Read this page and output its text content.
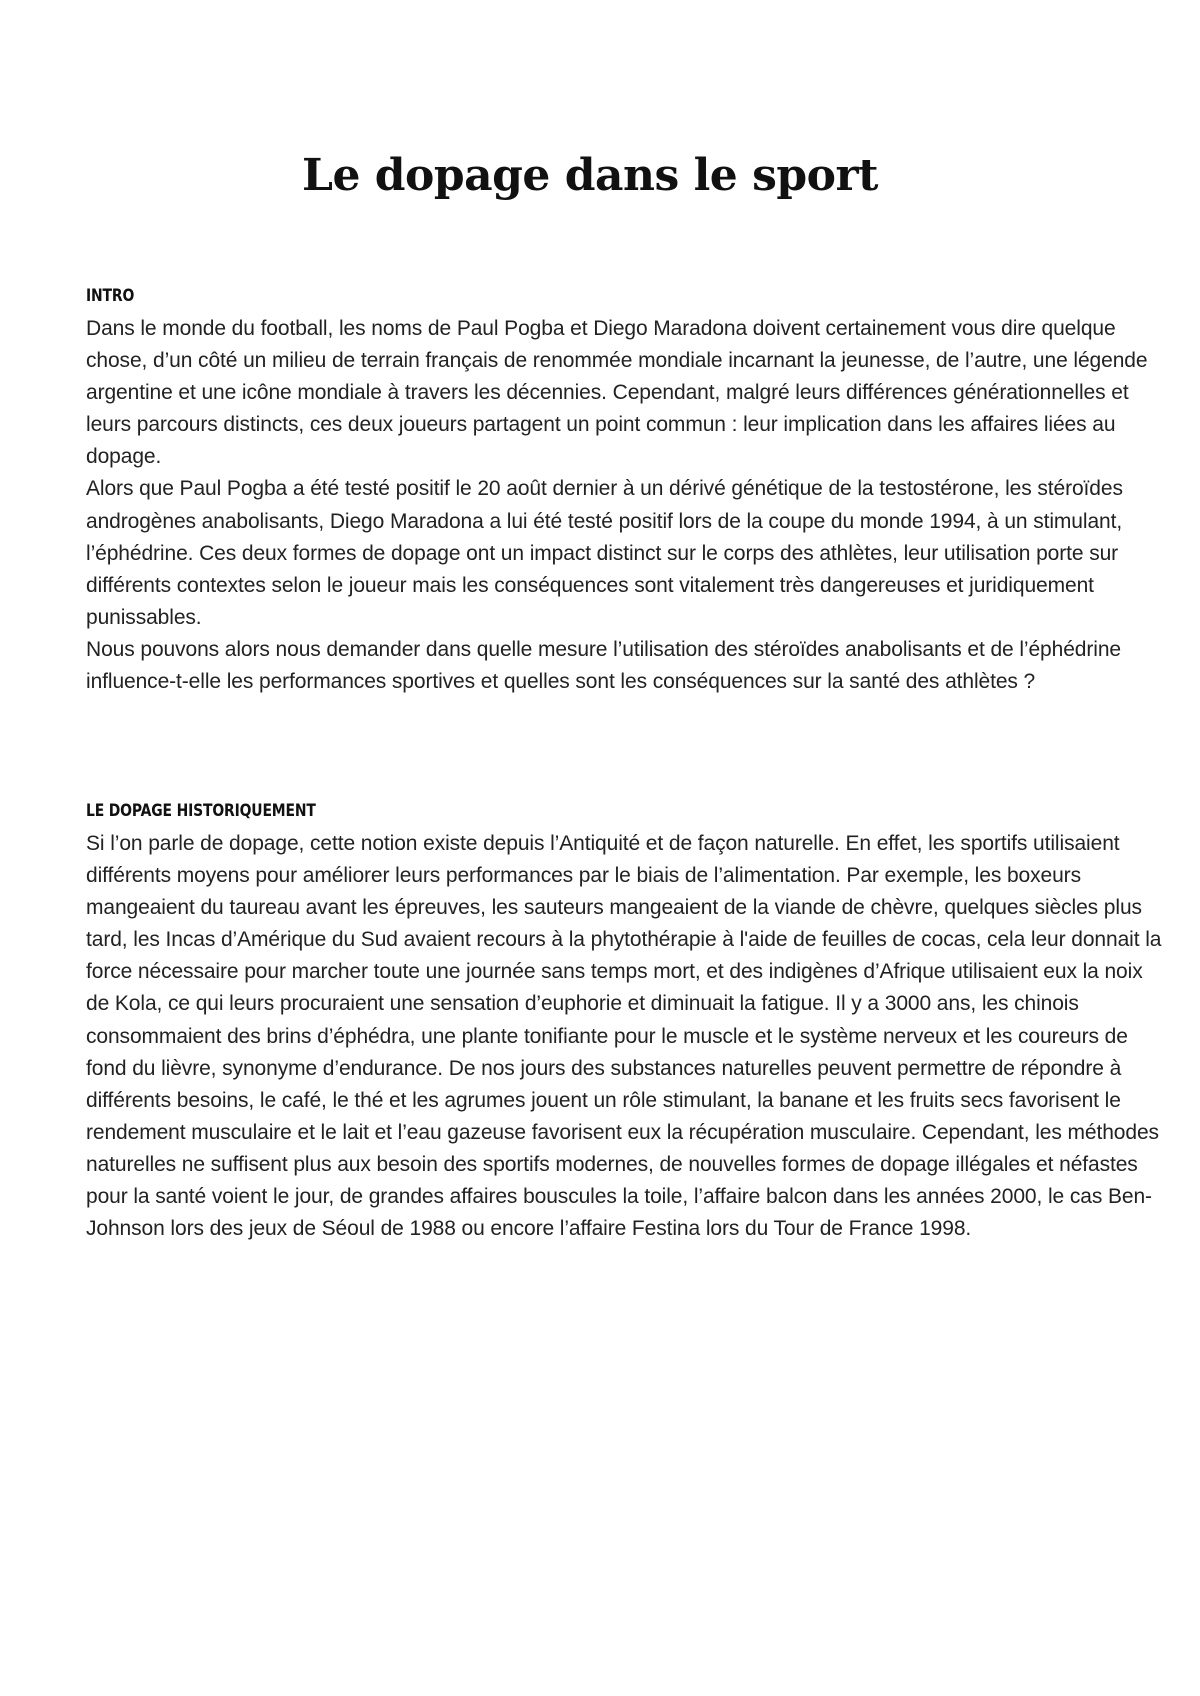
Le dopage dans le sport
INTRO

Dans le monde du football, les noms de Paul Pogba et Diego Maradona doivent certainement vous dire quelque chose, d’un côté un milieu de terrain français de renommée mondiale incarnant la jeunesse, de l’autre, une légende argentine et une icône mondiale à travers les décennies. Cependant, malgré leurs différences générationnelles et leurs parcours distincts, ces deux joueurs partagent un point commun : leur implication dans les affaires liées au dopage.

Alors que Paul Pogba a été testé positif le 20 août dernier à un dérivé génétique de la testostérone, les stéroïdes androgènes anabolisants, Diego Maradona a lui été testé positif lors de la coupe du monde 1994, à un stimulant, l’éphédrine. Ces deux formes de dopage ont un impact distinct sur le corps des athlètes, leur utilisation porte sur différents contextes selon le joueur mais les conséquences sont vitalement très dangereuses et juridiquement punissables.

Nous pouvons alors nous demander dans quelle mesure l’utilisation des stéroïdes anabolisants et de l’éphédrine influence-t-elle les performances sportives et quelles sont les conséquences sur la santé des athlètes ?

LE DOPAGE HISTORIQUEMENT

Si l’on parle de dopage, cette notion existe depuis l’Antiquité et de façon naturelle. En effet, les sportifs utilisaient différents moyens pour améliorer leurs performances par le biais de l’alimentation. Par exemple, les boxeurs mangeaient du taureau avant les épreuves, les sauteurs mangeaient de la viande de chèvre, quelques siècles plus tard, les Incas d’Amérique du Sud avaient recours à la phytothérapie à l'aide de feuilles de cocas, cela leur donnait la force nécessaire pour marcher toute une journée sans temps mort, et des indigènes d’Afrique utilisaient eux la noix de Kola, ce qui leurs procuraient une sensation d’euphorie et diminuait la fatigue. Il y a 3000 ans, les chinois consommaient des brins d’éphédra, une plante tonifiante pour le muscle et le système nerveux et les coureurs de fond du lièvre, synonyme d’endurance. De nos jours des substances naturelles peuvent permettre de répondre à différents besoins, le café, le thé et les agrumes jouent un rôle stimulant, la banane et les fruits secs favorisent le rendement musculaire et le lait et l’eau gazeuse favorisent eux la récupération musculaire. Cependant, les méthodes naturelles ne suffisent plus aux besoin des sportifs modernes, de nouvelles formes de dopage illégales et néfastes pour la santé voient le jour, de grandes affaires bouscules la toile, l’affaire balcon dans les années 2000, le cas Ben-Johnson lors des jeux de Séoul de 1988 ou encore l’affaire Festina lors du Tour de France 1998.
